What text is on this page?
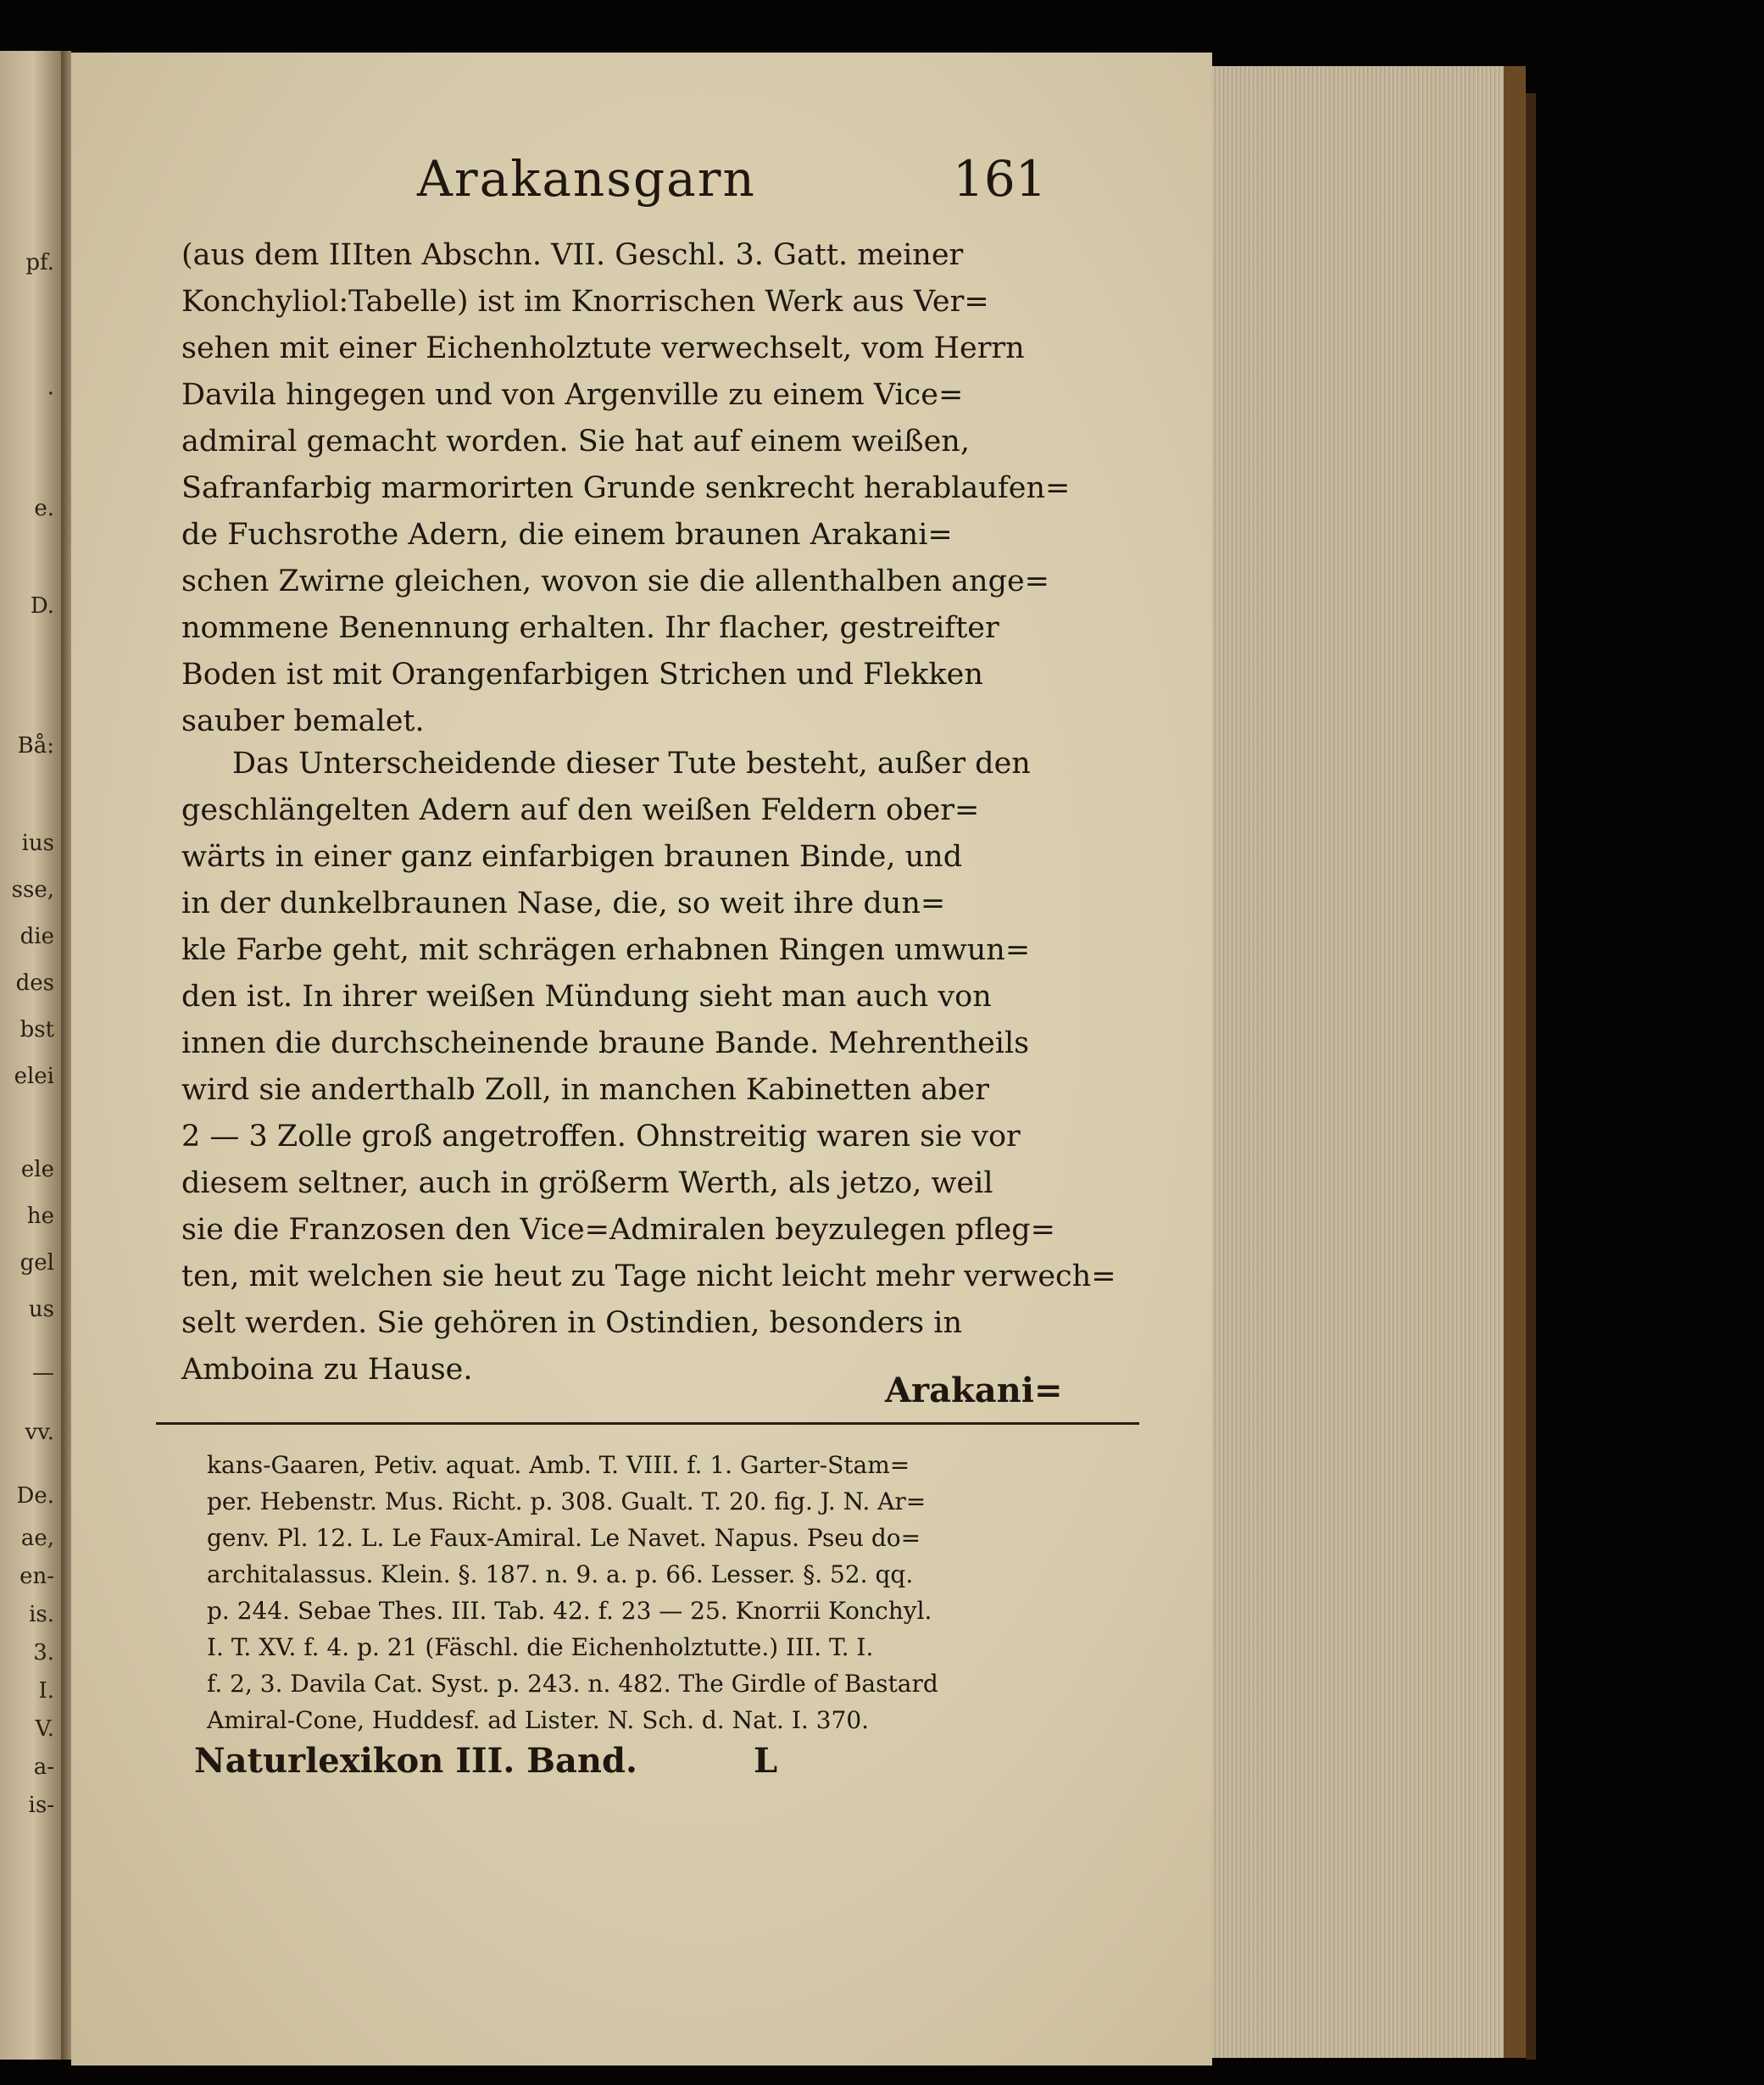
pf.
·
e.
D.
Bå:
ius
sse,
die
des
bst
elei
ele
he
gel
us
—
vv.
De.
ae,
en-
is.
3.
I.
V.
a-
is-
Arakansgarn	161
(aus dem IIIten Abschn. VII. Geschl. 3. Gatt. meiner
Konchyliol:Tabelle) ist im Knorrischen Werk aus Ver=
sehen mit einer Eichenholztute verwechselt, vom Herrn
Davila hingegen und von Argenville zu einem Vice=
admiral gemacht worden. Sie hat auf einem weißen,
Safranfarbig marmorirten Grunde senkrecht herablaufen=
de Fuchsrothe Adern, die einem braunen Arakani=
schen Zwirne gleichen, wovon sie die allenthalben ange=
nommene Benennung erhalten. Ihr flacher, gestreifter
Boden ist mit Orangenfarbigen Strichen und Flekken
sauber bemalet.
Das Unterscheidende dieser Tute besteht, außer den
geschlängelten Adern auf den weißen Feldern ober=
wärts in einer ganz einfarbigen braunen Binde, und
in der dunkelbraunen Nase, die, so weit ihre dun=
kle Farbe geht, mit schrägen erhabnen Ringen umwun=
den ist. In ihrer weißen Mündung sieht man auch von
innen die durchscheinende braune Bande. Mehrentheils
wird sie anderthalb Zoll, in manchen Kabinetten aber
2 — 3 Zolle groß angetroffen. Ohnstreitig waren sie vor
diesem seltner, auch in größerm Werth, als jetzo, weil
sie die Franzosen den Vice=Admiralen beyzulegen pfleg=
ten, mit welchen sie heut zu Tage nicht leicht mehr verwech=
selt werden. Sie gehören in Ostindien, besonders in
Amboina zu Hause.
Arakani=
kans-Gaaren, Petiv. aquat. Amb. T. VIII. f. 1. Garter-Stam=
per. Hebenstr. Mus. Richt. p. 308. Gualt. T. 20. fig. J. N. Ar=
genv. Pl. 12. L. Le Faux-Amiral. Le Navet. Napus. Pseu do=
architalassus. Klein. §. 187. n. 9. a. p. 66. Lesser. §. 52. qq.
p. 244. Sebae Thes. III. Tab. 42. f. 23 — 25. Knorrii Konchyl.
I. T. XV. f. 4. p. 21 (Fäschl. die Eichenholztutte.) III. T. I.
f. 2, 3. Davila Cat. Syst. p. 243. n. 482. The Girdle of Bastard
Amiral-Cone, Huddesf. ad Lister. N. Sch. d. Nat. I. 370.
Naturlexikon III. Band.	L
